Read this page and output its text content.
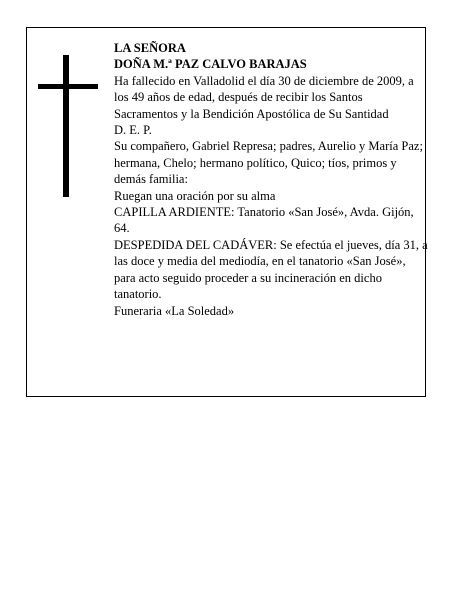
LA SEÑORA
DOÑA M.ª PAZ CALVO BARAJAS
Ha fallecido en Valladolid el día 30 de diciembre de 2009, a los 49 años de edad, después de recibir los Santos Sacramentos y la Bendición Apostólica de Su Santidad
D. E. P.
Su compañero, Gabriel Represa; padres, Aurelio y María Paz; hermana, Chelo; hermano político, Quico; tíos, primos y demás familia:
Ruegan una oración por su alma
CAPILLA ARDIENTE: Tanatorio «San José», Avda. Gijón, 64.
DESPEDIDA DEL CADÁVER: Se efectúa el jueves, día 31, a las doce y media del mediodía, en el tanatorio «San José», para acto seguido proceder a su incineración en dicho tanatorio.
Funeraria «La Soledad»
